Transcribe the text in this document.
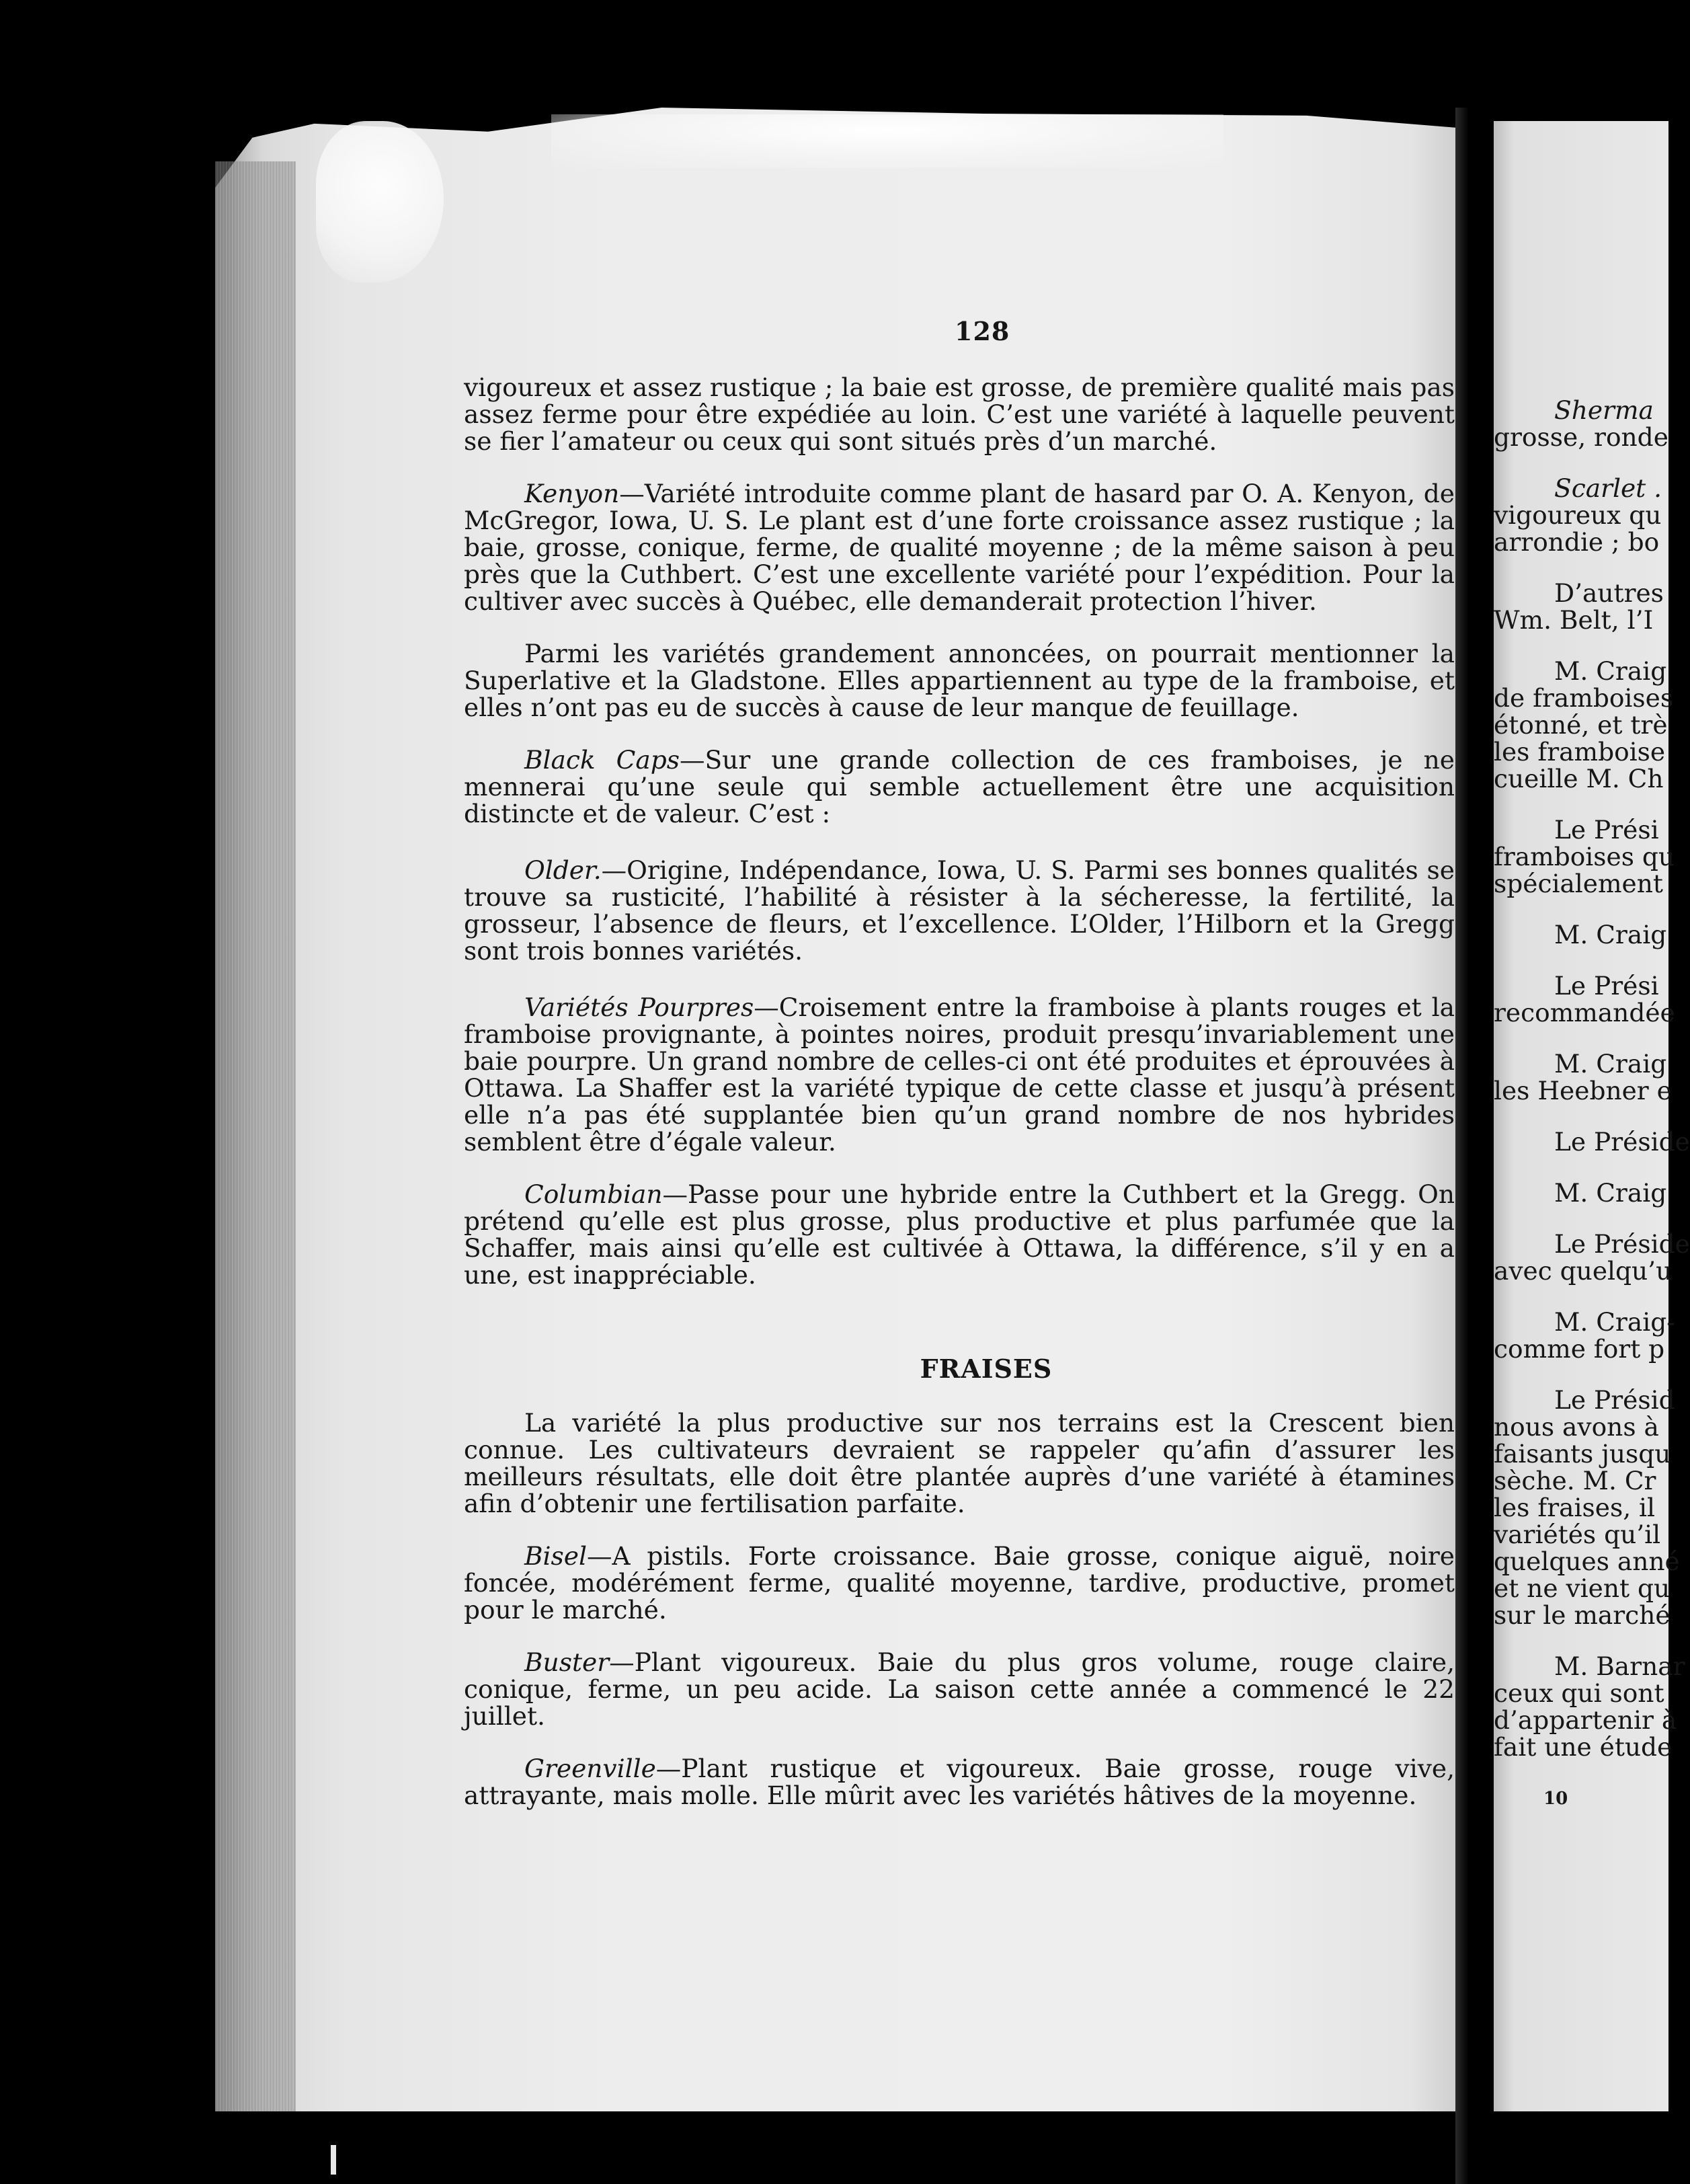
128

vigoureux et assez rustique ; la baie est grosse, de première qualité mais pas assez ferme pour être expédiée au loin. C’est une variété à laquelle peuvent se fier l’amateur ou ceux qui sont situés près d’un marché.

Kenyon—Variété introduite comme plant de hasard par O. A. Kenyon, de McGregor, Iowa, U. S. Le plant est d’une forte croissance assez rustique ; la baie, grosse, conique, ferme, de qualité moyenne ; de la même saison à peu près que la Cuthbert. C’est une excellente variété pour l’expédition. Pour la cultiver avec succès à Québec, elle demanderait protection l’hiver.

Parmi les variétés grandement annoncées, on pourrait mentionner la Superlative et la Gladstone. Elles appartiennent au type de la framboise, et elles n’ont pas eu de succès à cause de leur manque de feuillage.

Black Caps—Sur une grande collection de ces framboises, je ne mennerai qu’une seule qui semble actuellement être une acquisition distincte et de valeur. C’est :

Older.—Origine, Indépendance, Iowa, U. S. Parmi ses bonnes qualités se trouve sa rusticité, l’habilité à résister à la sécheresse, la fertilité, la grosseur, l’absence de fleurs, et l’excellence. L’Older, l’Hilborn et la Gregg sont trois bonnes variétés.

Variétés Pourpres—Croisement entre la framboise à plants rouges et la framboise provignante, à pointes noires, produit presqu’invariablement une baie pourpre. Un grand nombre de celles-ci ont été produites et éprouvées à Ottawa. La Shaffer est la variété typique de cette classe et jusqu’à présent elle n’a pas été supplantée bien qu’un grand nombre de nos hybrides semblent être d’égale valeur.

Columbian—Passe pour une hybride entre la Cuthbert et la Gregg. On prétend qu’elle est plus grosse, plus productive et plus parfumée que la Schaffer, mais ainsi qu’elle est cultivée à Ottawa, la différence, s’il y en a une, est inappréciable.

FRAISES

La variété la plus productive sur nos terrains est la Crescent bien connue. Les cultivateurs devraient se rappeler qu’afin d’assurer les meilleurs résultats, elle doit être plantée auprès d’une variété à étamines afin d’obtenir une fertilisation parfaite.

Bisel—A pistils. Forte croissance. Baie grosse, conique aiguë, noire foncée, modérément ferme, qualité moyenne, tardive, productive, promet pour le marché.

Buster—Plant vigoureux. Baie du plus gros volume, rouge claire, conique, ferme, un peu acide. La saison cette année a commencé le 22 juillet.

Greenville—Plant rustique et vigoureux. Baie grosse, rouge vive, attrayante, mais molle. Elle mûrit avec les variétés hâtives de la moyenne.

Sherma
grosse, ronde
Scarlet .
vigoureux qu
arrondie ; bo
D’autres
Wm. Belt, l’I
M. Craig
de framboises
étonné, et trè
les framboise
cueille M. Ch
Le Prési
framboises qu
spécialement
M. Craig
Le Prési
recommandée
M. Craig
les Heebner e
Le Préside
M. Craig
Le Préside
avec quelqu’u
M. Craig-
comme fort p
Le Présid
nous avons à
faisants jusqu
sèche. M. Cr
les fraises, il
variétés qu’il
quelques anné
et ne vient qu
sur le marché
M. Barnar
ceux qui sont
d’appartenir à
fait une étude
10
